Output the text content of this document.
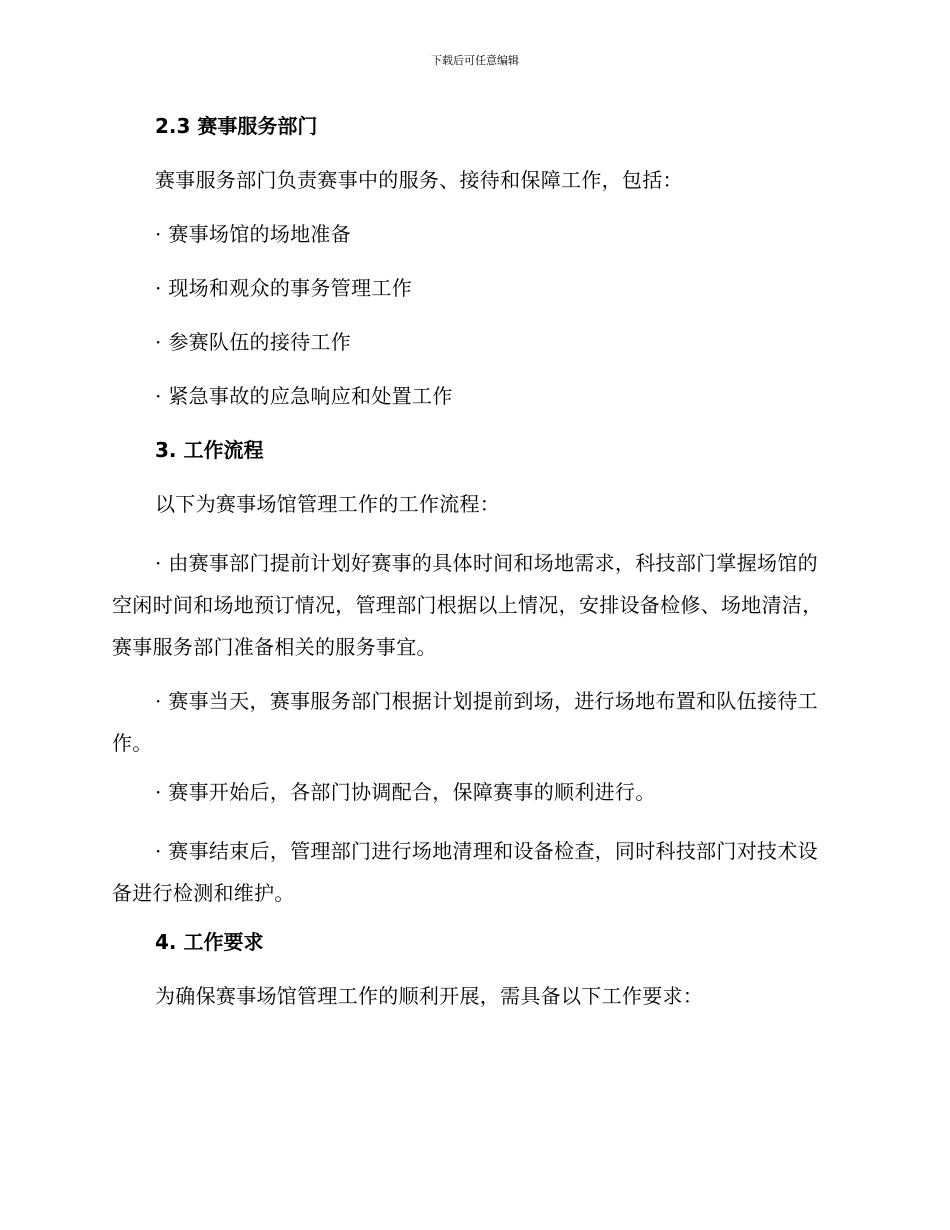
下载后可任意编辑
2.3 赛事服务部门
赛事服务部门负责赛事中的服务、接待和保障工作，包括：
· 赛事场馆的场地准备
· 现场和观众的事务管理工作
· 参赛队伍的接待工作
· 紧急事故的应急响应和处置工作
3. 工作流程
以下为赛事场馆管理工作的工作流程：
· 由赛事部门提前计划好赛事的具体时间和场地需求，科技部门掌握场馆的空闲时间和场地预订情况，管理部门根据以上情况，安排设备检修、场地清洁，赛事服务部门准备相关的服务事宜。
· 赛事当天，赛事服务部门根据计划提前到场，进行场地布置和队伍接待工作。
· 赛事开始后，各部门协调配合，保障赛事的顺利进行。
· 赛事结束后，管理部门进行场地清理和设备检查，同时科技部门对技术设备进行检测和维护。
4. 工作要求
为确保赛事场馆管理工作的顺利开展，需具备以下工作要求：
